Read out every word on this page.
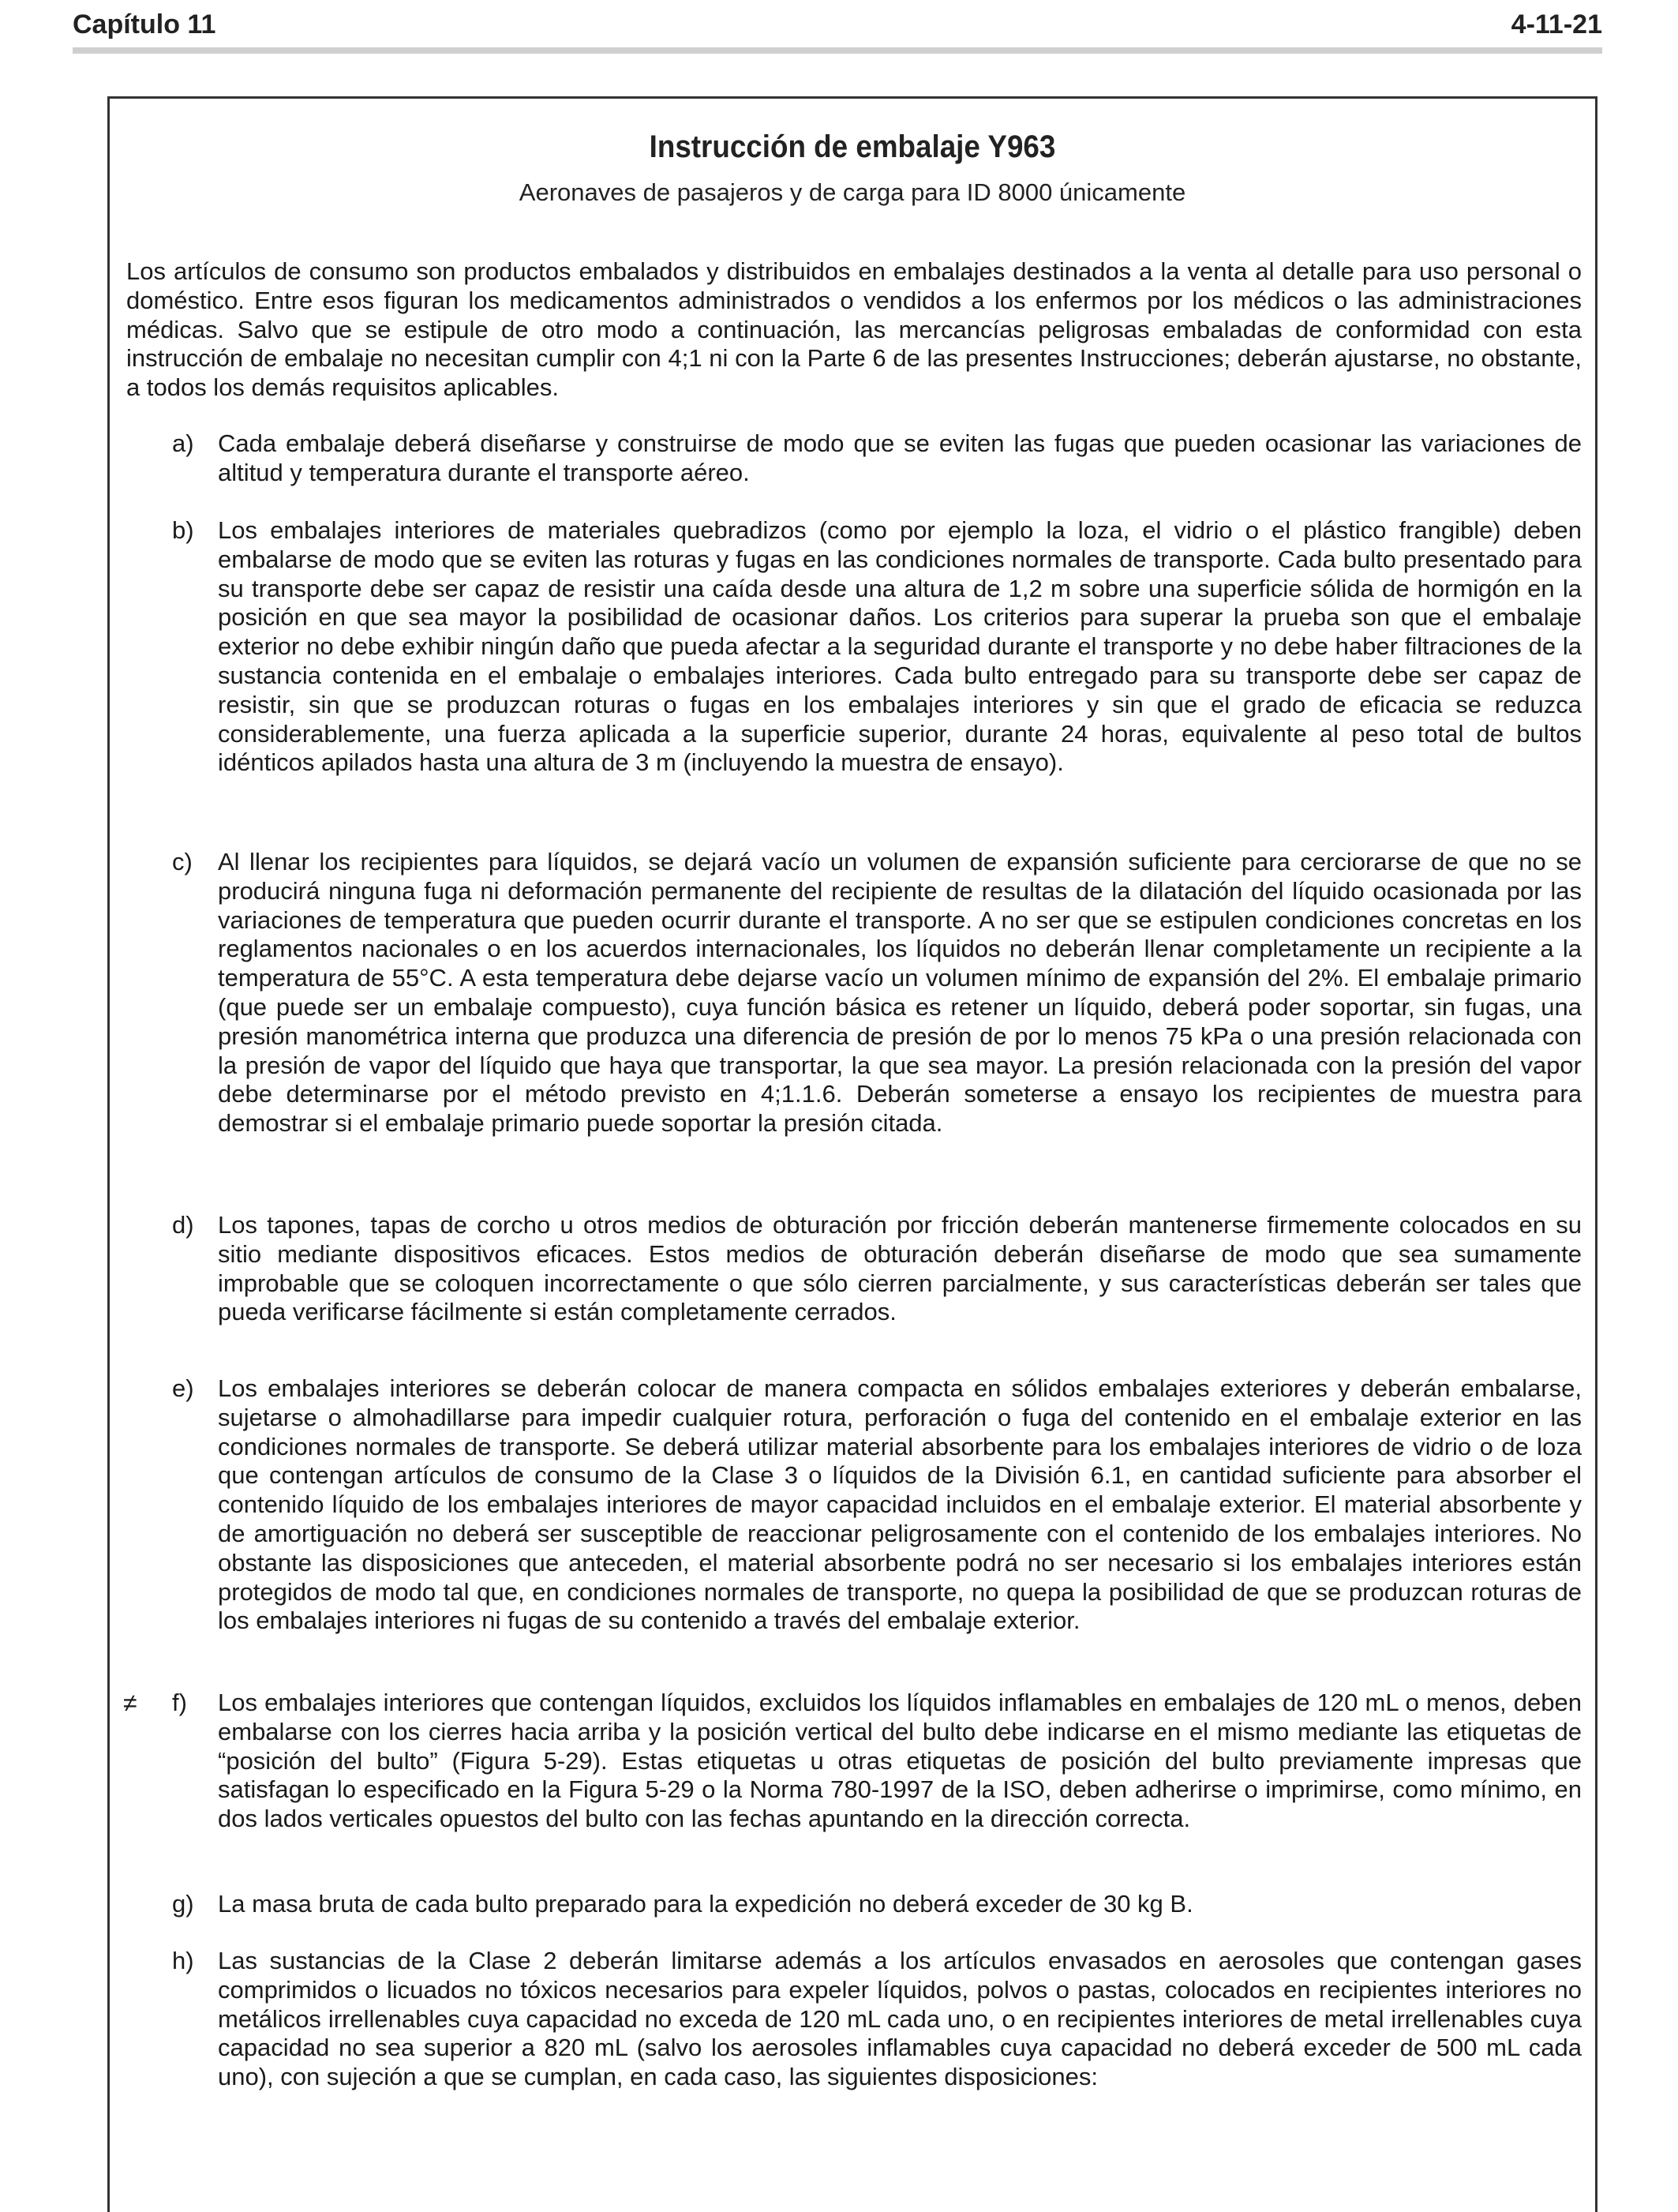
Capítulo 11	4-11-21
Instrucción de embalaje Y963
Aeronaves de pasajeros y de carga para ID 8000 únicamente

Los artículos de consumo son productos embalados y distribuidos en embalajes destinados a la venta al detalle para uso personal o doméstico. Entre esos figuran los medicamentos administrados o vendidos a los enfermos por los médicos o las administraciones médicas. Salvo que se estipule de otro modo a continuación, las mercancías peligrosas embaladas de conformidad con esta instrucción de embalaje no necesitan cumplir con 4;1 ni con la Parte 6 de las presentes Instrucciones; deberán ajustarse, no obstante, a todos los demás requisitos aplicables.

a) Cada embalaje deberá diseñarse y construirse de modo que se eviten las fugas que pueden ocasionar las variaciones de altitud y temperatura durante el transporte aéreo.

b) Los embalajes interiores de materiales quebradizos (como por ejemplo la loza, el vidrio o el plástico frangible) deben embalarse de modo que se eviten las roturas y fugas en las condiciones normales de transporte. Cada bulto presentado para su transporte debe ser capaz de resistir una caída desde una altura de 1,2 m sobre una superficie sólida de hormigón en la posición en que sea mayor la posibilidad de ocasionar daños. Los criterios para superar la prueba son que el embalaje exterior no debe exhibir ningún daño que pueda afectar a la seguridad durante el transporte y no debe haber filtraciones de la sustancia contenida en el embalaje o embalajes interiores. Cada bulto entregado para su transporte debe ser capaz de resistir, sin que se produzcan roturas o fugas en los embalajes interiores y sin que el grado de eficacia se reduzca considerablemente, una fuerza aplicada a la superficie superior, durante 24 horas, equivalente al peso total de bultos idénticos apilados hasta una altura de 3 m (incluyendo la muestra de ensayo).

c) Al llenar los recipientes para líquidos, se dejará vacío un volumen de expansión suficiente para cerciorarse de que no se producirá ninguna fuga ni deformación permanente del recipiente de resultas de la dilatación del líquido ocasionada por las variaciones de temperatura que pueden ocurrir durante el transporte. A no ser que se estipulen condiciones concretas en los reglamentos nacionales o en los acuerdos internacionales, los líquidos no deberán llenar completamente un recipiente a la temperatura de 55°C. A esta temperatura debe dejarse vacío un volumen mínimo de expansión del 2%. El embalaje primario (que puede ser un embalaje compuesto), cuya función básica es retener un líquido, deberá poder soportar, sin fugas, una presión manométrica interna que produzca una diferencia de presión de por lo menos 75 kPa o una presión relacionada con la presión de vapor del líquido que haya que transportar, la que sea mayor. La presión relacionada con la presión del vapor debe determinarse por el método previsto en 4;1.1.6. Deberán someterse a ensayo los recipientes de muestra para demostrar si el embalaje primario puede soportar la presión citada.

d) Los tapones, tapas de corcho u otros medios de obturación por fricción deberán mantenerse firmemente colocados en su sitio mediante dispositivos eficaces. Estos medios de obturación deberán diseñarse de modo que sea sumamente improbable que se coloquen incorrectamente o que sólo cierren parcialmente, y sus características deberán ser tales que pueda verificarse fácilmente si están completamente cerrados.

e) Los embalajes interiores se deberán colocar de manera compacta en sólidos embalajes exteriores y deberán embalarse, sujetarse o almohadillarse para impedir cualquier rotura, perforación o fuga del contenido en el embalaje exterior en las condiciones normales de transporte. Se deberá utilizar material absorbente para los embalajes interiores de vidrio o de loza que contengan artículos de consumo de la Clase 3 o líquidos de la División 6.1, en cantidad suficiente para absorber el contenido líquido de los embalajes interiores de mayor capacidad incluidos en el embalaje exterior. El material absorbente y de amortiguación no deberá ser susceptible de reaccionar peligrosamente con el contenido de los embalajes interiores. No obstante las disposiciones que anteceden, el material absorbente podrá no ser necesario si los embalajes interiores están protegidos de modo tal que, en condiciones normales de transporte, no quepa la posibilidad de que se produzcan roturas de los embalajes interiores ni fugas de su contenido a través del embalaje exterior.

≠ f) Los embalajes interiores que contengan líquidos, excluidos los líquidos inflamables en embalajes de 120 mL o menos, deben embalarse con los cierres hacia arriba y la posición vertical del bulto debe indicarse en el mismo mediante las etiquetas de “posición del bulto” (Figura 5-29). Estas etiquetas u otras etiquetas de posición del bulto previamente impresas que satisfagan lo especificado en la Figura 5-29 o la Norma 780-1997 de la ISO, deben adherirse o imprimirse, como mínimo, en dos lados verticales opuestos del bulto con las fechas apuntando en la dirección correcta.

g) La masa bruta de cada bulto preparado para la expedición no deberá exceder de 30 kg B.

h) Las sustancias de la Clase 2 deberán limitarse además a los artículos envasados en aerosoles que contengan gases comprimidos o licuados no tóxicos necesarios para expeler líquidos, polvos o pastas, colocados en recipientes interiores no metálicos irrellenables cuya capacidad no exceda de 120 mL cada uno, o en recipientes interiores de metal irrellenables cuya capacidad no sea superior a 820 mL (salvo los aerosoles inflamables cuya capacidad no deberá exceder de 500 mL cada uno), con sujeción a que se cumplan, en cada caso, las siguientes disposiciones:
